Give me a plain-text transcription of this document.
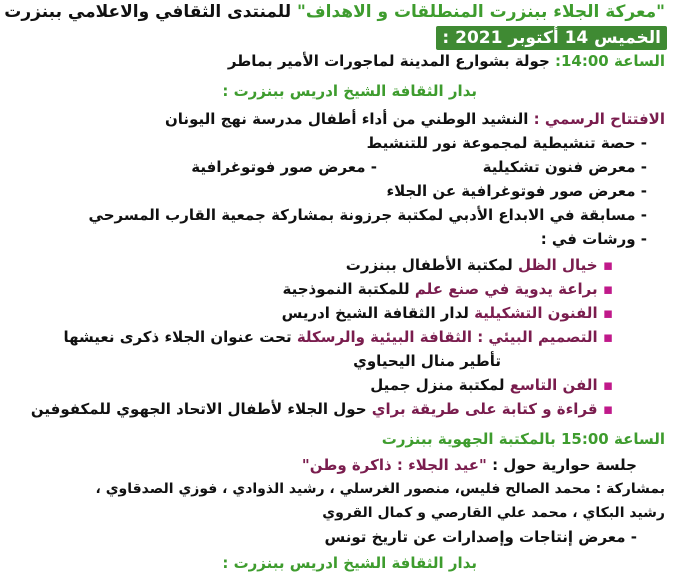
"معركة الجلاء ببنزرت المنطلقات و الاهداف" للمنتدى الثقافي والاعلامي ببنزرت
الخميس 14 أكتوبر 2021 :
الساعة 14:00: جولة بشوارع المدينة لماجورات الأمير بماطر
بدار الثقافة الشيخ ادريس ببنزرت :
الافتتاح الرسمي : النشيد الوطني من أداء أطفال مدرسة نهج اليونان
- حصة تنشيطية لمجموعة نور للتنشيط
- معرض فنون تشكيلية
- معرض صور فوتوغرافية
- معرض صور فوتوغرافية عن الجلاء
- مسابقة في الابداع الأدبي لمكتبة جرزونة بمشاركة جمعية القارب المسرحي
- ورشات في :
▪ خيال الظل لمكتبة الأطفال ببنزرت
▪ براعة يدوية في صنع علم للمكتبة النموذجية
▪ الفنون التشكيلية لدار الثقافة الشيخ ادريس
▪ التصميم البيئي : الثقافة البيئية والرسكلة تحت عنوان الجلاء ذكرى نعيشها
تأطير منال اليحياوي
▪ الفن التاسع لمكتبة منزل جميل
▪ قراءة و كتابة على طريقة براي حول الجلاء لأطفال الاتحاد الجهوي للمكفوفين
الساعة 15:00 بالمكتبة الجهوية ببنزرت
جلسة حوارية حول : "عيد الجلاء : ذاكرة وطن"
بمشاركة : محمد الصالح فليس، منصور الغرسلي ، رشيد الذوادي ، فوزي الصدقاوي ،
رشيد البكاي ، محمد علي القارصي و كمال القروي
- معرض إنتاجات وإصدارات عن تاريخ تونس
بدار الثقافة الشيخ ادريس ببنزرت :
